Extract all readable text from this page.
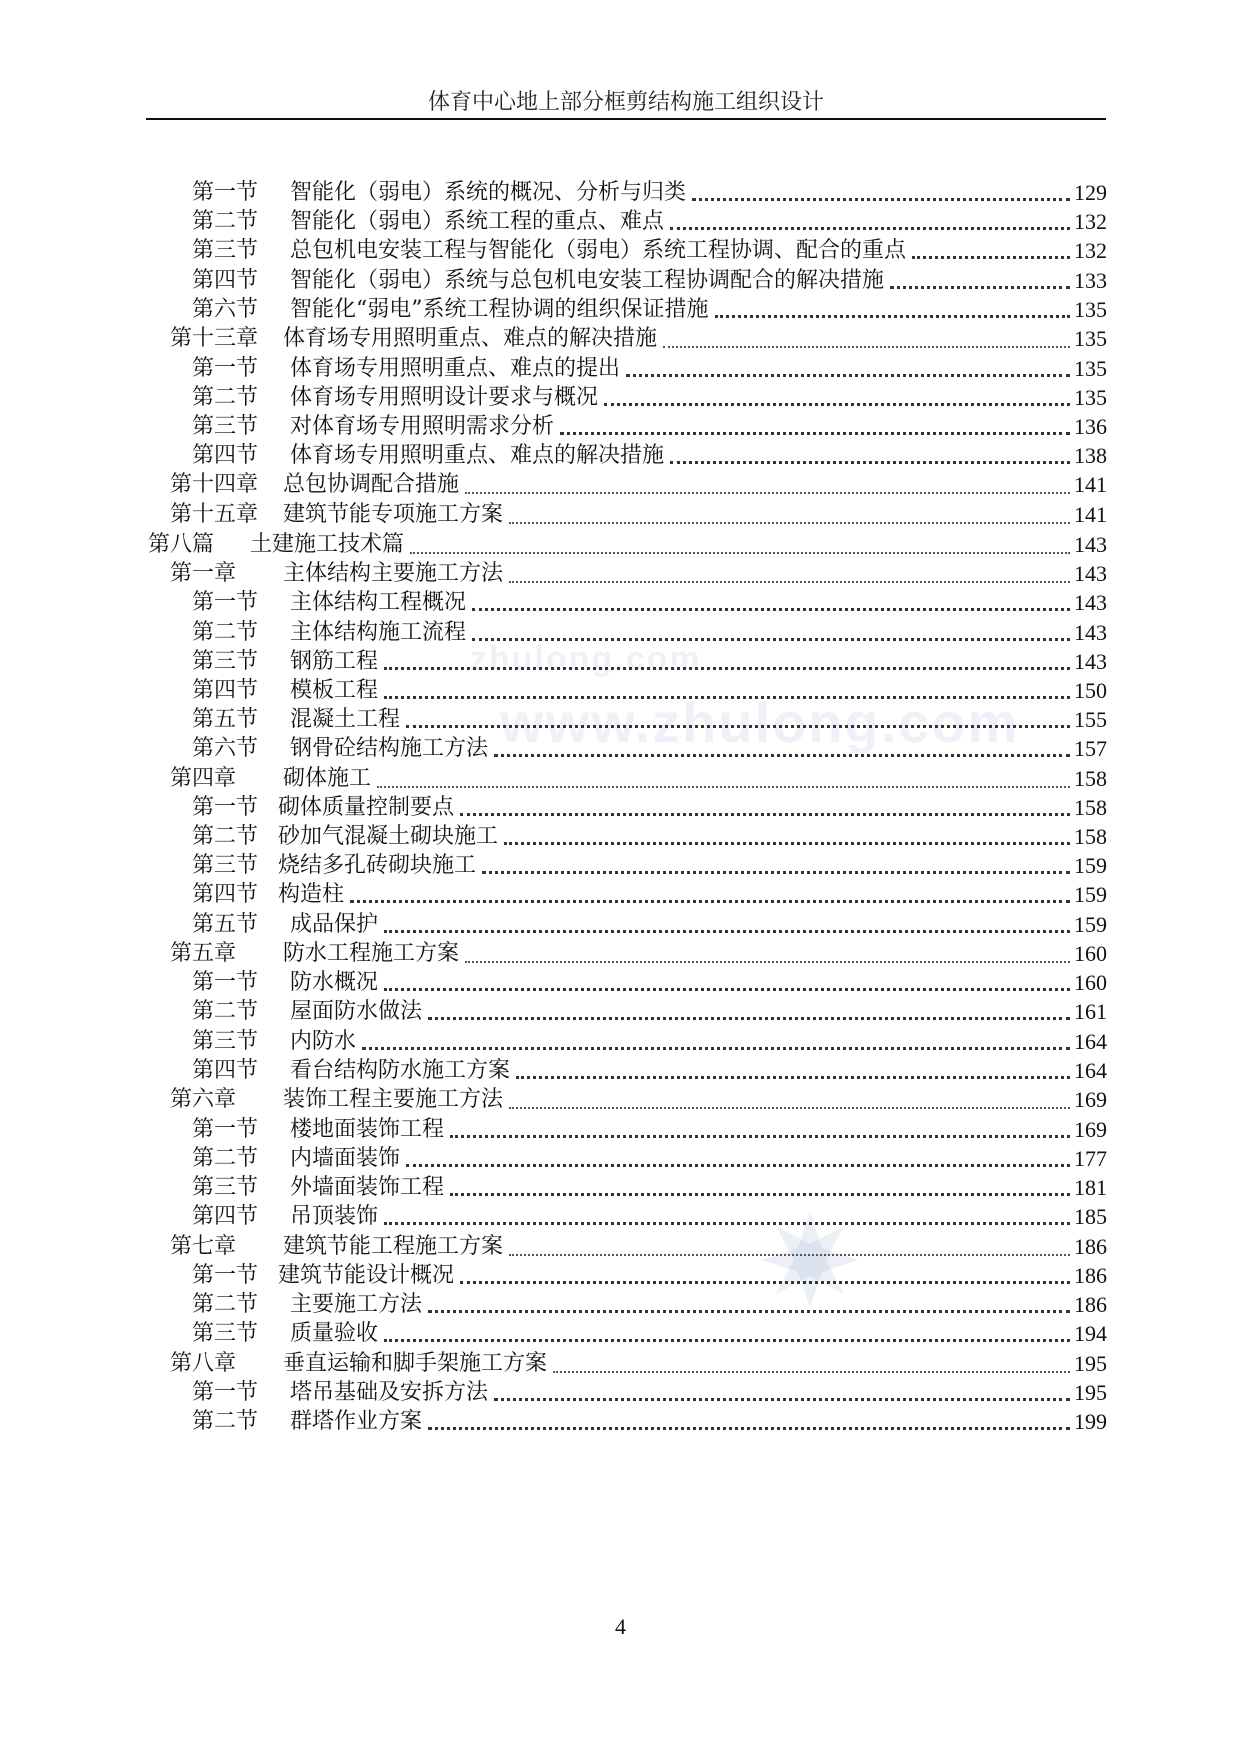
体育中心地上部分框剪结构施工组织设计
zhulong.com
www.zhulong.com
第一节 智能化（弱电）系统的概况、分析与归类	129
第二节 智能化（弱电）系统工程的重点、难点	132
第三节 总包机电安装工程与智能化（弱电）系统工程协调、配合的重点	132
第四节 智能化（弱电）系统与总包机电安装工程协调配合的解决措施	133
第六节 智能化“弱电”系统工程协调的组织保证措施	135
第十三章 体育场专用照明重点、难点的解决措施	135
第一节 体育场专用照明重点、难点的提出	135
第二节 体育场专用照明设计要求与概况	135
第三节 对体育场专用照明需求分析	136
第四节 体育场专用照明重点、难点的解决措施	138
第十四章 总包协调配合措施	141
第十五章 建筑节能专项施工方案	141
第八篇 土建施工技术篇	143
第一章 主体结构主要施工方法	143
第一节 主体结构工程概况	143
第二节 主体结构施工流程	143
第三节 钢筋工程	143
第四节 模板工程	150
第五节 混凝土工程	155
第六节 钢骨砼结构施工方法	157
第四章 砌体施工	158
第一节 砌体质量控制要点	158
第二节 砂加气混凝土砌块施工	158
第三节 烧结多孔砖砌块施工	159
第四节 构造柱	159
第五节 成品保护	159
第五章 防水工程施工方案	160
第一节 防水概况	160
第二节 屋面防水做法	161
第三节 内防水	164
第四节 看台结构防水施工方案	164
第六章 装饰工程主要施工方法	169
第一节 楼地面装饰工程	169
第二节 内墙面装饰	177
第三节 外墙面装饰工程	181
第四节 吊顶装饰	185
第七章 建筑节能工程施工方案	186
第一节 建筑节能设计概况	186
第二节 主要施工方法	186
第三节 质量验收	194
第八章 垂直运输和脚手架施工方案	195
第一节 塔吊基础及安拆方法	195
第二节 群塔作业方案	199
4
